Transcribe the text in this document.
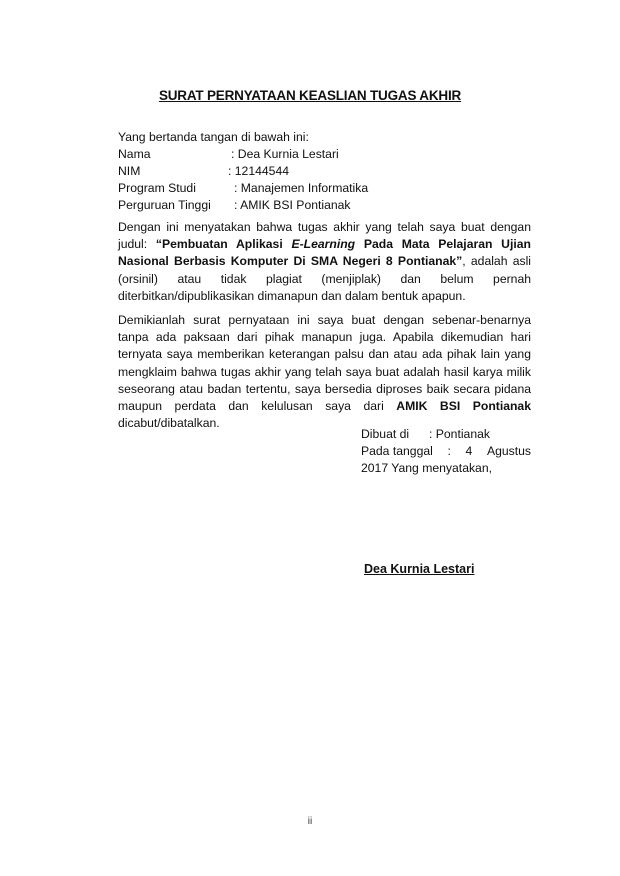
SURAT PERNYATAAN KEASLIAN TUGAS AKHIR
Yang bertanda tangan di bawah ini:
Nama	: Dea Kurnia Lestari
NIM	: 12144544
Program Studi	: Manajemen Informatika
Perguruan Tinggi : AMIK BSI Pontianak
Dengan ini menyatakan bahwa tugas akhir yang telah saya buat dengan judul: “Pembuatan Aplikasi E-Learning Pada Mata Pelajaran Ujian Nasional Berbasis Komputer Di SMA Negeri 8 Pontianak”, adalah asli (orsinil) atau tidak plagiat (menjiplak) dan belum pernah diterbitkan/dipublikasikan dimanapun dan dalam bentuk apapun.
Demikianlah surat pernyataan ini saya buat dengan sebenar-benarnya tanpa ada paksaan dari pihak manapun juga. Apabila dikemudian hari ternyata saya memberikan keterangan palsu dan atau ada pihak lain yang mengklaim bahwa tugas akhir yang telah saya buat adalah hasil karya milik seseorang atau badan tertentu, saya bersedia diproses baik secara pidana maupun perdata dan kelulusan saya dari AMIK BSI Pontianak dicabut/dibatalkan.
Dibuat di : Pontianak
Pada tanggal : 4 Agustus
2017 Yang menyatakan,
Dea Kurnia Lestari
ii
